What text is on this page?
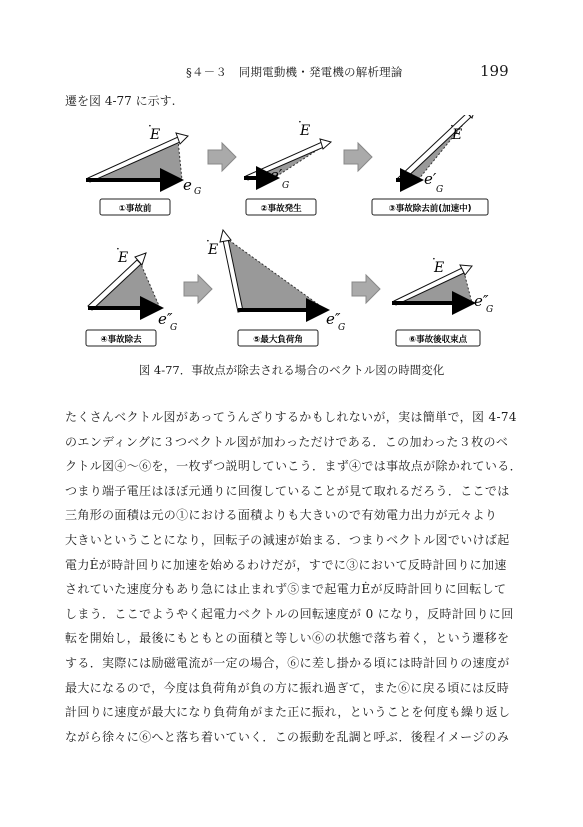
§４－３　同期電動機・発電機の解析理論	199
遷を図 4-77 に示す.
E
·
e G
①事故前
E
·
e′
G
②事故発生
E
·
e′
G
③事故除去前(加速中)
E
·
e″
G
④事故除去
E
·
e″
G
⑤最大負荷角
E
·
e″
G
⑥事故後収束点
図 4-77．事故点が除去される場合のベクトル図の時間変化
たくさんベクトル図があってうんざりするかもしれないが，実は簡単で，図 4-74
のエンディングに３つベクトル図が加わっただけである．この加わった３枚のベ
クトル図④～⑥を，一枚ずつ説明していこう．まず④では事故点が除かれている．
つまり端子電圧はほぼ元通りに回復していることが見て取れるだろう．ここでは
三角形の面積は元の①における面積よりも大きいので有効電力出力が元々より
大きいということになり，回転子の減速が始まる．つまりベクトル図でいけば起
電力Ėが時計回りに加速を始めるわけだが，すでに③において反時計回りに加速
されていた速度分もあり急には止まれず⑤まで起電力Ėが反時計回りに回転して
しまう．ここでようやく起電力ベクトルの回転速度が 0 になり，反時計回りに回
転を開始し，最後にもともとの面積と等しい⑥の状態で落ち着く，という遷移を
する．実際には励磁電流が一定の場合，⑥に差し掛かる頃には時計回りの速度が
最大になるので，今度は負荷角が負の方に振れ過ぎて，また⑥に戻る頃には反時
計回りに速度が最大になり負荷角がまた正に振れ，ということを何度も繰り返し
ながら徐々に⑥へと落ち着いていく．この振動を乱調と呼ぶ．後程イメージのみ
